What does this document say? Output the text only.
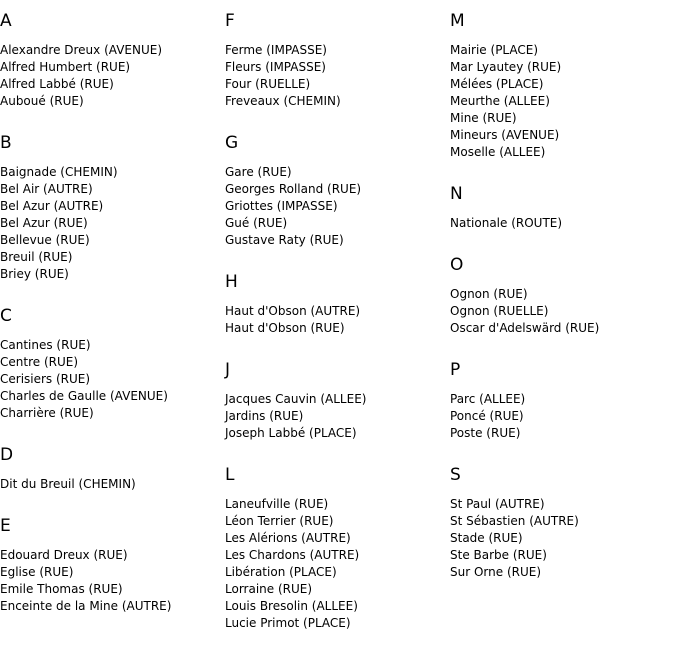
A
Alexandre Dreux (AVENUE)
Alfred Humbert (RUE)
Alfred Labbé (RUE)
Auboué (RUE)
B
Baignade (CHEMIN)
Bel Air (AUTRE)
Bel Azur (AUTRE)
Bel Azur (RUE)
Bellevue (RUE)
Breuil (RUE)
Briey (RUE)
C
Cantines (RUE)
Centre (RUE)
Cerisiers (RUE)
Charles de Gaulle (AVENUE)
Charrière (RUE)
D
Dit du Breuil (CHEMIN)
E
Edouard Dreux (RUE)
Eglise (RUE)
Emile Thomas (RUE)
Enceinte de la Mine (AUTRE)
F
Ferme (IMPASSE)
Fleurs (IMPASSE)
Four (RUELLE)
Freveaux (CHEMIN)
G
Gare (RUE)
Georges Rolland (RUE)
Griottes (IMPASSE)
Gué (RUE)
Gustave Raty (RUE)
H
Haut d'Obson (AUTRE)
Haut d'Obson (RUE)
J
Jacques Cauvin (ALLEE)
Jardins (RUE)
Joseph Labbé (PLACE)
L
Laneufville (RUE)
Léon Terrier (RUE)
Les Alérions (AUTRE)
Les Chardons (AUTRE)
Libération (PLACE)
Lorraine (RUE)
Louis Bresolin (ALLEE)
Lucie Primot (PLACE)
M
Mairie (PLACE)
Mar Lyautey (RUE)
Mélées (PLACE)
Meurthe (ALLEE)
Mine (RUE)
Mineurs (AVENUE)
Moselle (ALLEE)
N
Nationale (ROUTE)
O
Ognon (RUE)
Ognon (RUELLE)
Oscar d'Adelswärd (RUE)
P
Parc (ALLEE)
Poncé (RUE)
Poste (RUE)
S
St Paul (AUTRE)
St Sébastien (AUTRE)
Stade (RUE)
Ste Barbe (RUE)
Sur Orne (RUE)
